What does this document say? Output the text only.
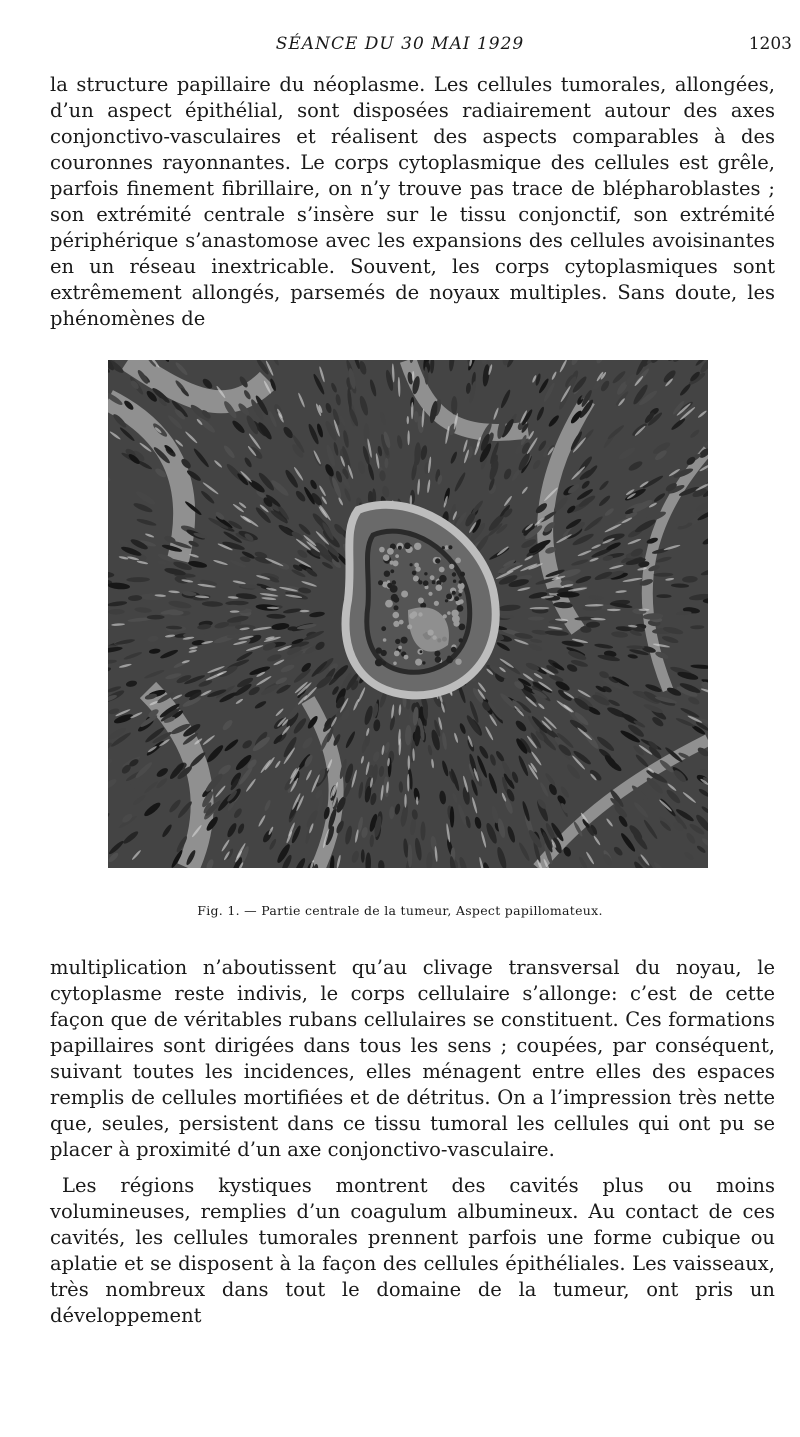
SÉANCE DU 30 MAI 1929	1203

la structure papillaire du néoplasme. Les cellules tumorales, allongées, d’un aspect épithélial, sont disposées radiairement autour des axes conjonctivo-vasculaires et réalisent des aspects comparables à des couronnes rayonnantes. Le corps cytoplasmique des cellules est grêle, parfois finement fibrillaire, on n’y trouve pas trace de blépharoblastes ; son extrémité centrale s’insère sur le tissu conjonctif, son extrémité périphérique s’anastomose avec les expansions des cellules avoisinantes en un réseau inextricable. Souvent, les corps cytoplasmiques sont extrêmement allongés, parsemés de noyaux multiples. Sans doute, les phénomènes de

Fig. 1. — Partie centrale de la tumeur, Aspect papillomateux.

multiplication n’aboutissent qu’au clivage transversal du noyau, le cytoplasme reste indivis, le corps cellulaire s’allonge: c’est de cette façon que de véritables rubans cellulaires se constituent. Ces formations papillaires sont dirigées dans tous les sens ; coupées, par conséquent, suivant toutes les incidences, elles ménagent entre elles des espaces remplis de cellules mortifiées et de détritus. On a l’impression très nette que, seules, persistent dans ce tissu tumoral les cellules qui ont pu se placer à proximité d’un axe conjonctivo-vasculaire.

Les régions kystiques montrent des cavités plus ou moins volumineuses, remplies d’un coagulum albumineux. Au contact de ces cavités, les cellules tumorales prennent parfois une forme cubique ou aplatie et se disposent à la façon des cellules épithéliales. Les vaisseaux, très nombreux dans tout le domaine de la tumeur, ont pris un développement
